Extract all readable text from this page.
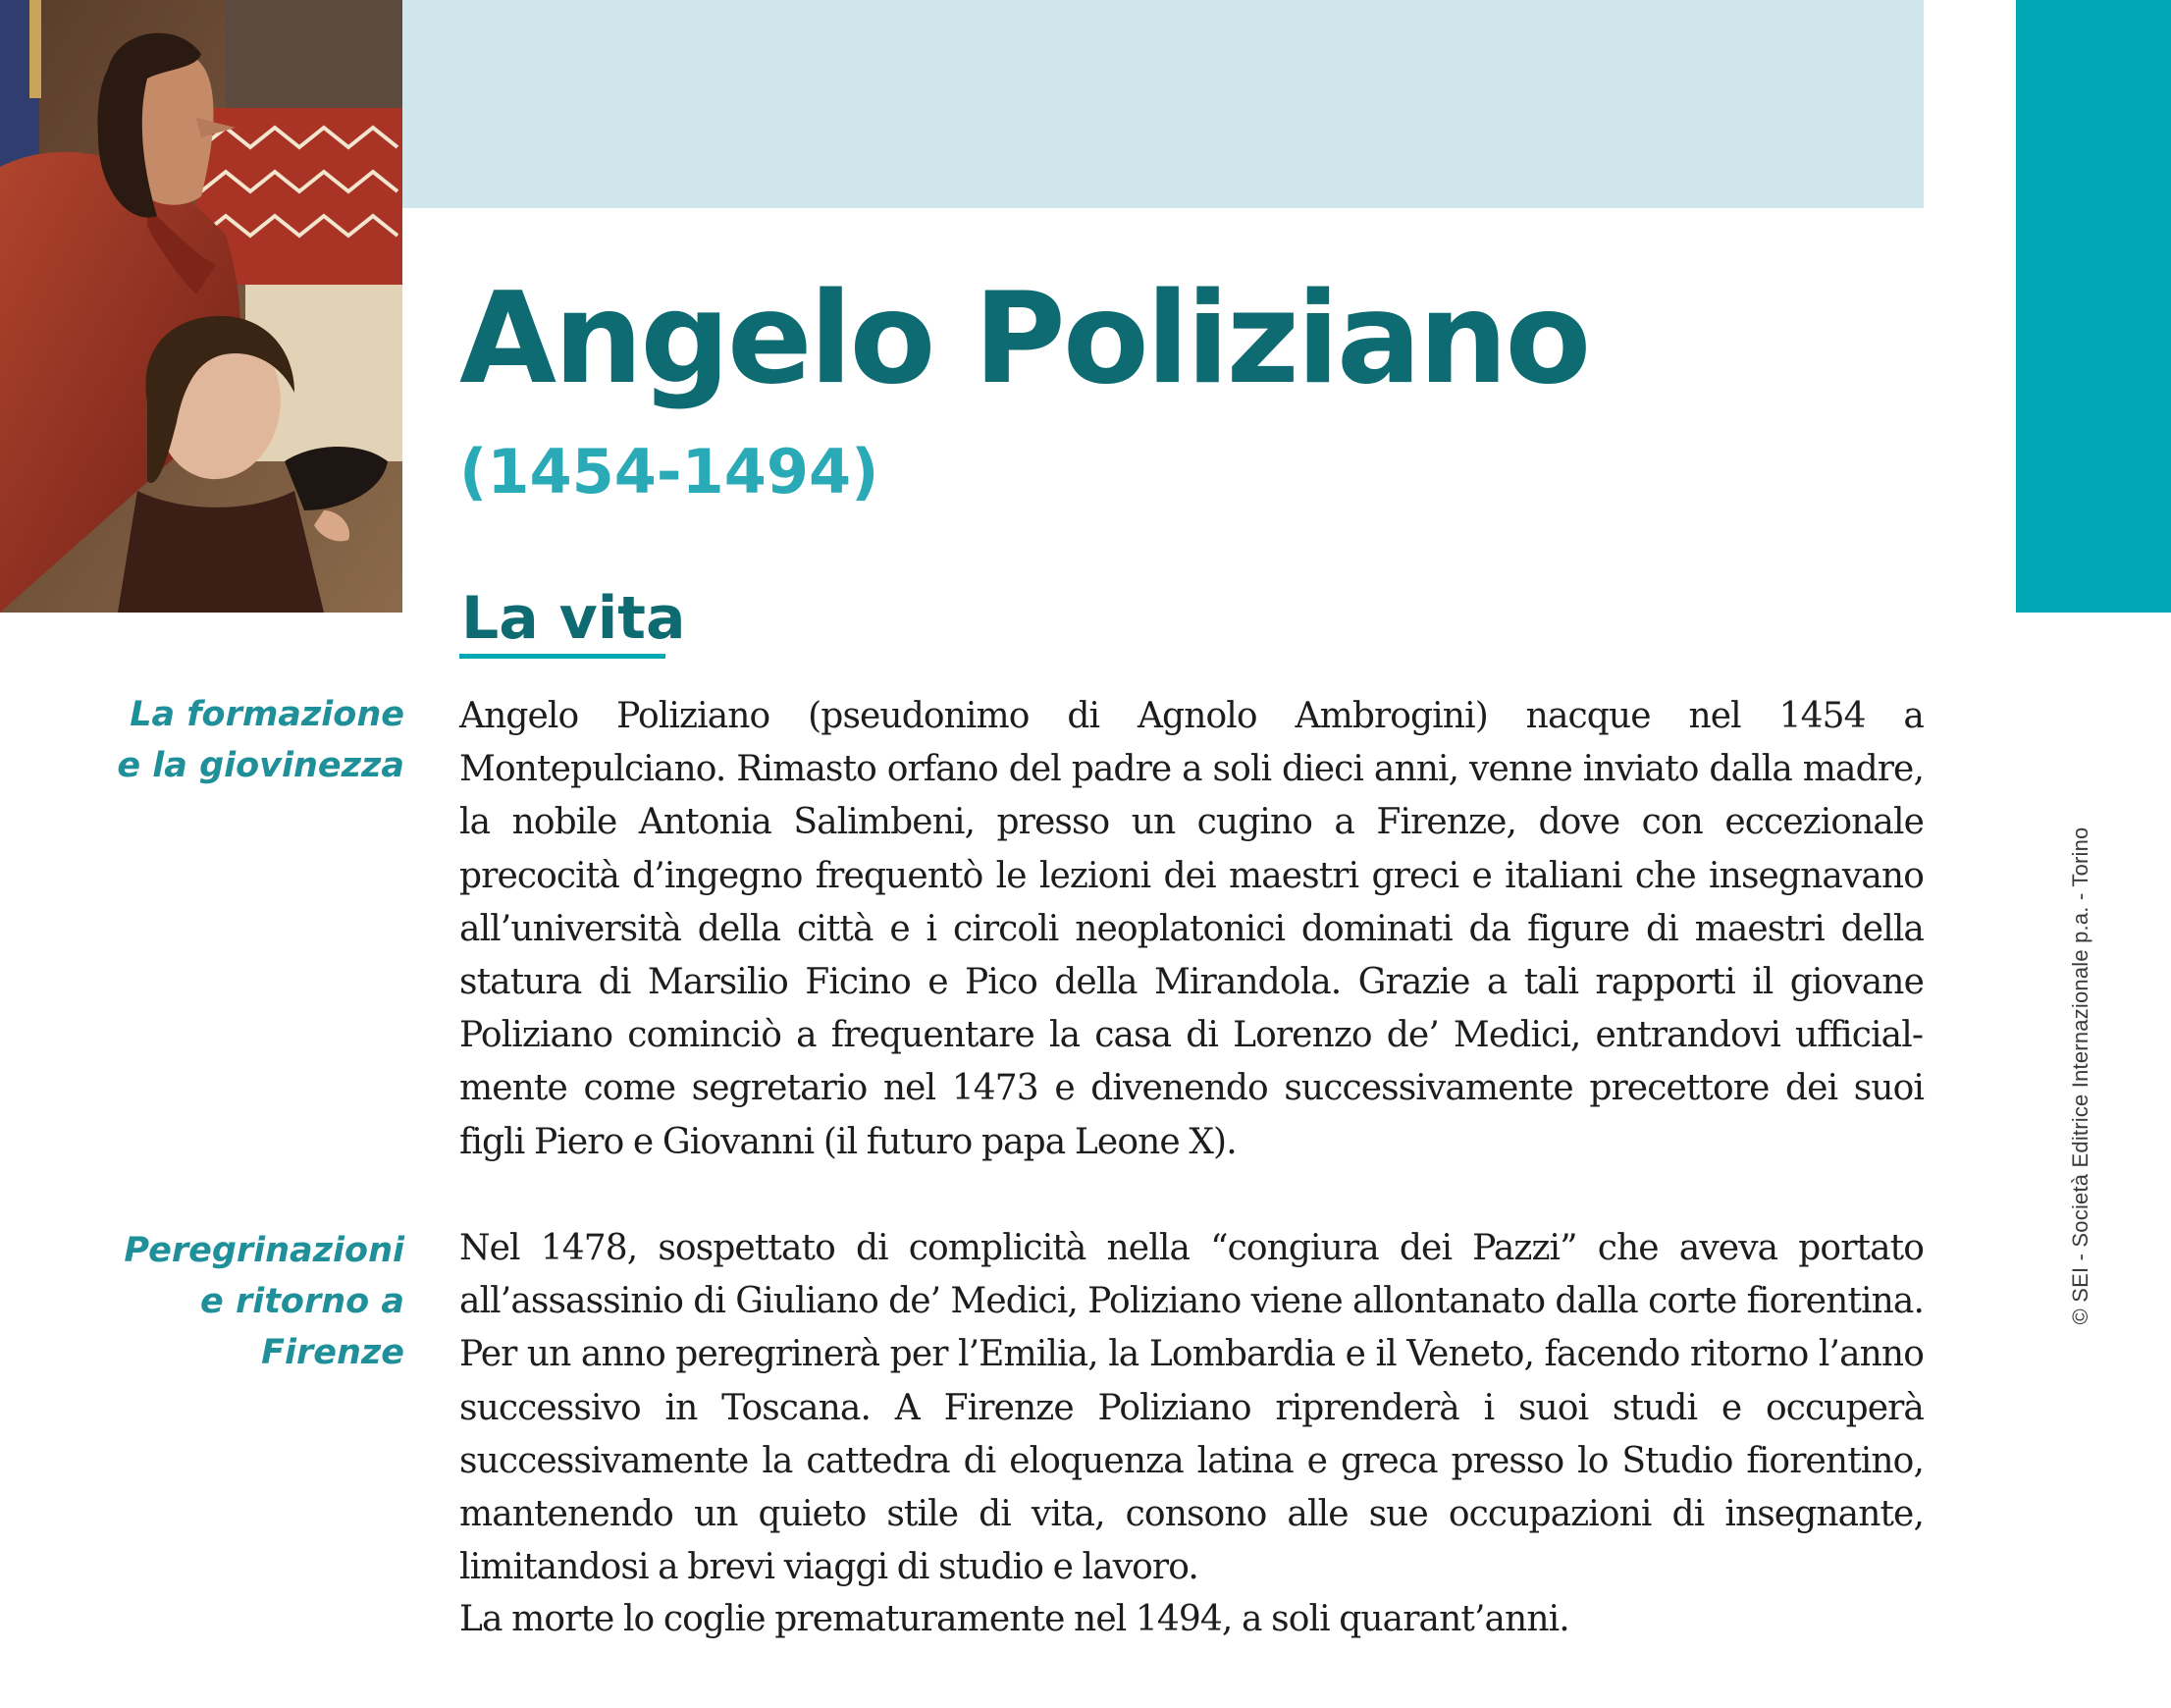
© SEI - Società Editrice Internazionale p.a. - Torino
Angelo Poliziano
(1454-1494)
La vita
La formazione
e la giovinezza
Peregrinazioni
e ritorno a Firenze

Angelo Poliziano (pseudonimo di Agnolo Ambrogini) nacque nel 1454 a Montepulciano. Rimasto orfano del padre a soli dieci anni, venne inviato dalla madre, la nobile Antonia Salimbeni, presso un cugino a Firenze, dove con eccezionale precocità d’ingegno frequentò le lezioni dei maestri greci e italiani che insegnavano all’università della città e i circoli neoplatonici dominati da figure di maestri della statura di Marsilio Ficino e Pico della Mirandola. Grazie a tali rapporti il giovane Poliziano cominciò a frequentare la casa di Lorenzo de’ Medici, entrandovi ufficialmente come segretario nel 1473 e divenendo successivamente precettore dei suoi figli Piero e Giovanni (il futuro papa Leone X).

Nel 1478, sospettato di complicità nella “congiura dei Pazzi” che aveva portato all’assassinio di Giuliano de’ Medici, Poliziano viene allontanato dalla corte fiorentina. Per un anno peregrinerà per l’Emilia, la Lombardia e il Veneto, facendo ritorno l’anno successivo in Toscana. A Firenze Poliziano riprenderà i suoi studi e occuperà successivamente la cattedra di eloquenza latina e greca presso lo Studio fiorentino, mantenendo un quieto stile di vita, consono alle sue occupazioni di insegnante, limitandosi a brevi viaggi di studio e lavoro.

La morte lo coglie prematuramente nel 1494, a soli quarant’anni.
